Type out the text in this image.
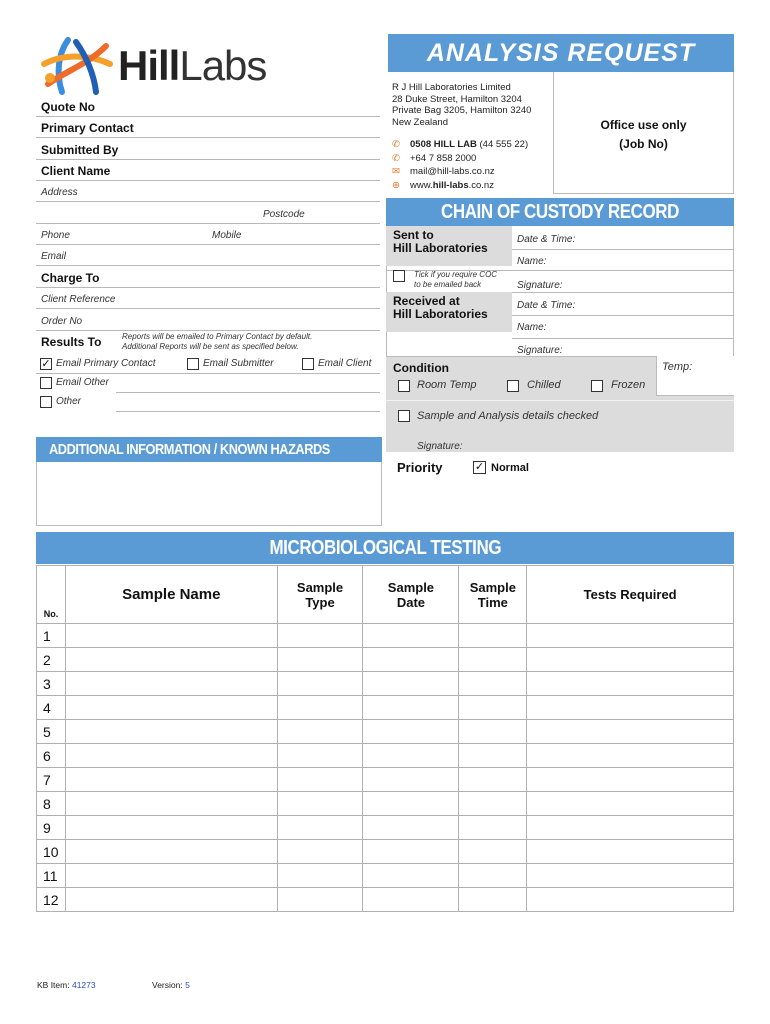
HillLabs	ANALYSIS REQUEST
R J Hill Laboratories Limited
28 Duke Street, Hamilton 3204
Private Bag 3205, Hamilton 3240
New Zealand
✆ 0508 HILL LAB (44 555 22)
✆ +64 7 858 2000
✉ mail@hill-labs.co.nz
⊕ www.hill-labs.co.nz
Office use only
(Job No)
Quote No
Primary Contact
Submitted By
Client Name
Address
Postcode
Phone	Mobile
Email
Charge To
Client Reference
Order No
Results To	Reports will be emailed to Primary Contact by default.
Additional Reports will be sent as specified below.
✓ Email Primary Contact	Email Submitter	Email Client
Email Other
Other
ADDITIONAL INFORMATION / KNOWN HAZARDS
CHAIN OF CUSTODY RECORD
Sent to
Hill Laboratories
Date & Time:
Name:
Tick if you require COC
to be emailed back	Signature:
Received at
Hill Laboratories
Date & Time:
Name:
Signature:
Temp:
Condition
Room Temp	Chilled	Frozen
Sample and Analysis details checked
Signature:
Priority	✓ Normal
MICROBIOLOGICAL TESTING
No.	Sample Name	Sample Type	Sample Date	Sample Time	Tests Required
1					
2					
3					
4					
5					
6					
7					
8					
9					
10					
11					
12					
KB Item: 41273	Version: 5
